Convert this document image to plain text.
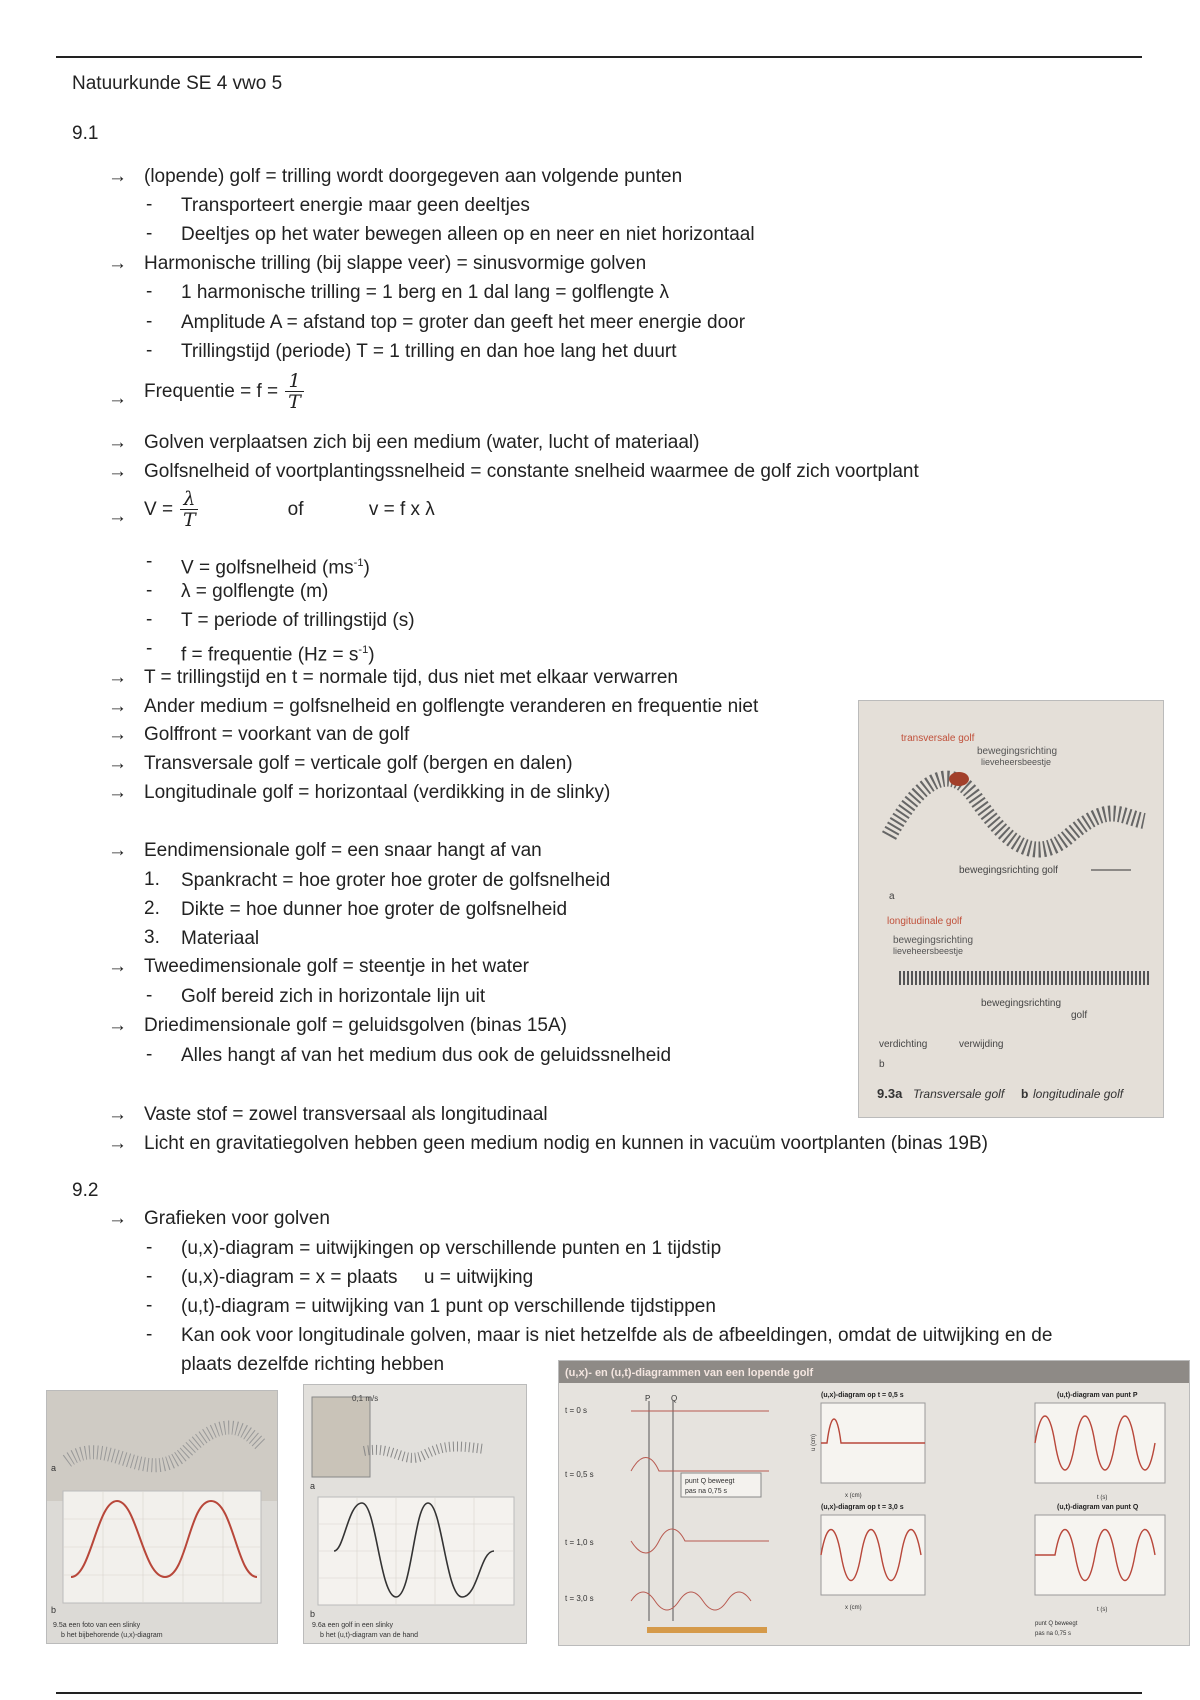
Natuurkunde SE 4 vwo 5
9.1
→ (lopende) golf = trilling wordt doorgegeven aan volgende punten
- Transporteert energie maar geen deeltjes
- Deeltjes op het water bewegen alleen op en neer en niet horizontaal
→ Harmonische trilling (bij slappe veer) = sinusvormige golven
- 1 harmonische trilling = 1 berg en 1 dal lang = golflengte λ
- Amplitude A = afstand top = groter dan geeft het meer energie door
- Trillingstijd (periode) T = 1 trilling en dan hoe lang het duurt
→ Frequentie = $f = \frac{1}{T}$
→ Golven verplaatsen zich bij een medium (water, lucht of materiaal)
→ Golfsnelheid of voortplantingssnelheid = constante snelheid waarmee de golf zich voortplant
→ $V = \frac{\lambda}{T}$	of	v = f x λ
- V = golfsnelheid $(ms^{-1})$
- λ = golflengte (m)
- T = periode of trillingstijd (s)
- f = frequentie $(Hz = s^{-1})$
→ T = trillingstijd en t = normale tijd, dus niet met elkaar verwarren
→ Ander medium = golfsnelheid en golflengte veranderen en frequentie niet
→ Golffront = voorkant van de golf
→ Transversale golf = verticale golf (bergen en dalen)
→ Longitudinale golf = horizontaal (verdikking in de slinky)
→ Eendimensionale golf = een snaar hangt af van
1. Spankracht = hoe groter hoe groter de golfsnelheid
2. Dikte = hoe dunner hoe groter de golfsnelheid
3. Materiaal
→ Tweedimensionale golf = steentje in het water
- Golf bereid zich in horizontale lijn uit
→ Driedimensionale golf = geluidsgolven (binas 15A)
- Alles hangt af van het medium dus ook de geluidssnelheid
→ Vaste stof = zowel transversaal als longitudinaal
→ Licht en gravitatiegolven hebben geen medium nodig en kunnen in vacuüm voortplanten (binas 19B)
transversale golf
bewegingsrichting
lieveheersbeestje
bewegingsrichting golf
a
longitudinale golf
bewegingsrichting
lieveheersbeestje
bewegingsrichting
golf
verdichting	verwijding
b
9.3a Transversale golf b longitudinale golf
9.2
→ Grafieken voor golven
- (u,x)-diagram = uitwijkingen op verschillende punten en 1 tijdstip
- (u,x)-diagram = x = plaats     u = uitwijking
- (u,t)-diagram = uitwijking van 1 punt op verschillende tijdstippen
- Kan ook voor longitudinale golven, maar is niet hetzelfde als de afbeeldingen, omdat de uitwijking en de
plaats dezelfde richting hebben
a
b
9.5a een foto van een slinky
b het bijbehorende (u,x)-diagram
0,1 m/s
a
b
9.6a een golf in een slinky
b het (u,t)-diagram van de hand
(u,x)- en (u,t)-diagrammen van een lopende golf
t = 0 s
t = 0,5 s
t = 1,0 s
t = 3,0 s
P	Q
punt Q beweegt
pas na 0,75 s
(u,x)-diagram op t = 0,5 s
x (cm)
u (cm)
(u,x)-diagram op t = 3,0 s
x (cm)
(u,t)-diagram van punt P
t (s)
(u,t)-diagram van punt Q
t (s)
punt Q beweegt
pas na 0,75 s
